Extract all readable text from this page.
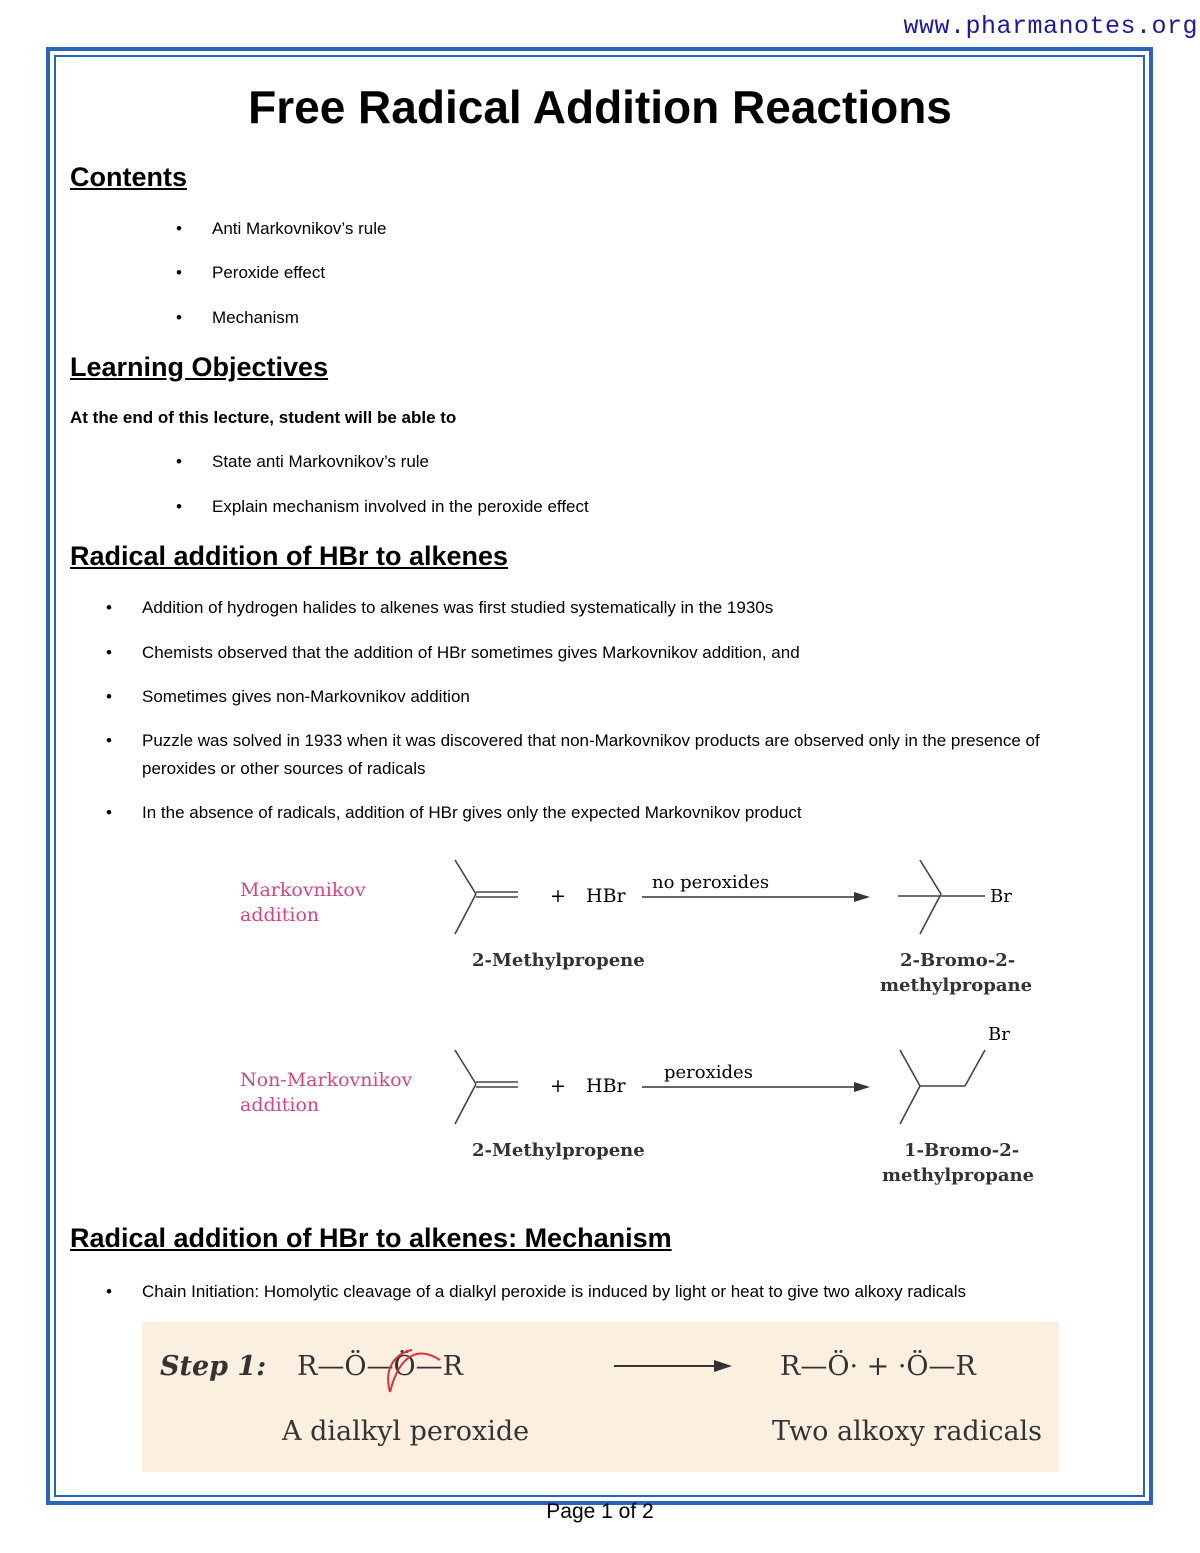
www.pharmanotes.org
Free Radical Addition Reactions
Contents
• Anti Markovnikov’s rule
• Peroxide effect
• Mechanism
Learning Objectives

At the end of this lecture, student will be able to

• State anti Markovnikov’s rule
• Explain mechanism involved in the peroxide effect
Radical addition of HBr to alkenes
• Addition of hydrogen halides to alkenes was first studied systematically in the 1930s
• Chemists observed that the addition of HBr sometimes gives Markovnikov addition, and
• Sometimes gives non-Markovnikov addition
• Puzzle was solved in 1933 when it was discovered that non-Markovnikov products are observed only in the presence of peroxides or other sources of radicals
• In the absence of radicals, addition of HBr gives only the expected Markovnikov product
Markovnikov
addition
+ HBr
no peroxides
Br
2-Methylpropene	2-Bromo-2-
methylpropane
Non-Markovnikov
addition
+ HBr
peroxides
Br
2-Methylpropene	1-Bromo-2-
methylpropane
Radical addition of HBr to alkenes: Mechanism
• Chain Initiation: Homolytic cleavage of a dialkyl peroxide is induced by light or heat to give two alkoxy radicals
Step 1: R—Ö—Ö—R	R—Ö· + ·Ö—R
A dialkyl peroxide	Two alkoxy radicals
Page 1 of 2
